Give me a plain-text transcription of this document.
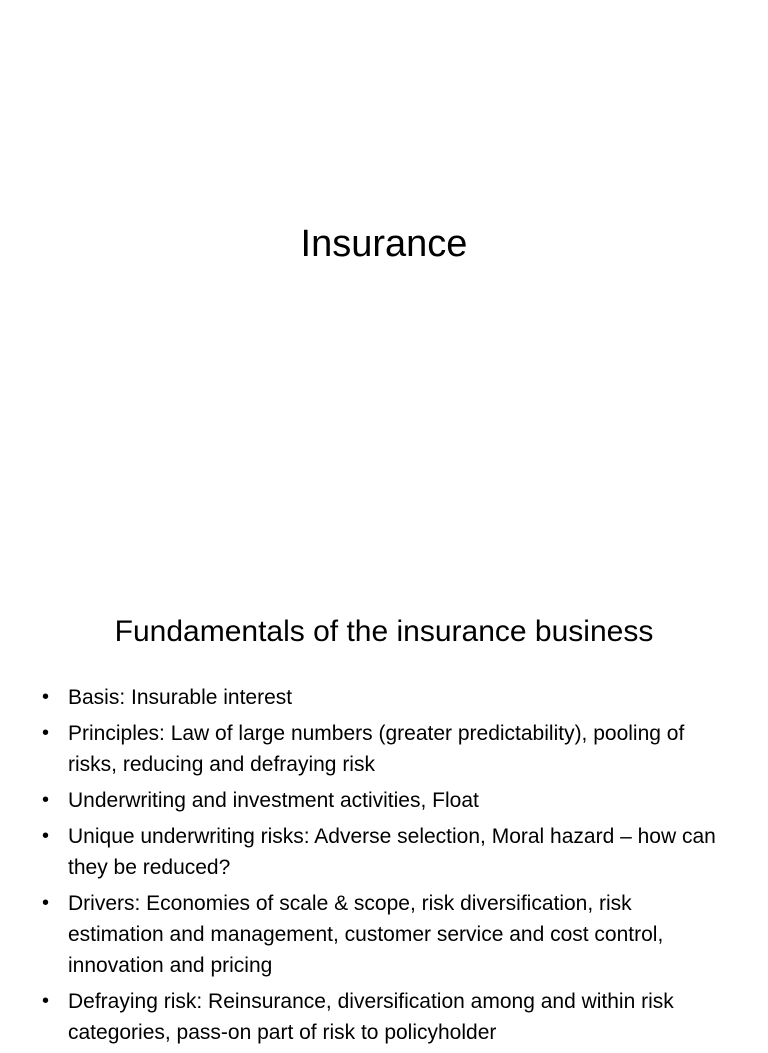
Insurance
Fundamentals of the insurance business
• Basis: Insurable interest
• Principles: Law of large numbers (greater predictability), pooling of risks, reducing and defraying risk
• Underwriting and investment activities, Float
• Unique underwriting risks: Adverse selection, Moral hazard – how can they be reduced?
• Drivers: Economies of scale & scope, risk diversification, risk estimation and management, customer service and cost control, innovation and pricing
• Defraying risk: Reinsurance, diversification among and within risk categories, pass-on part of risk to policyholder
